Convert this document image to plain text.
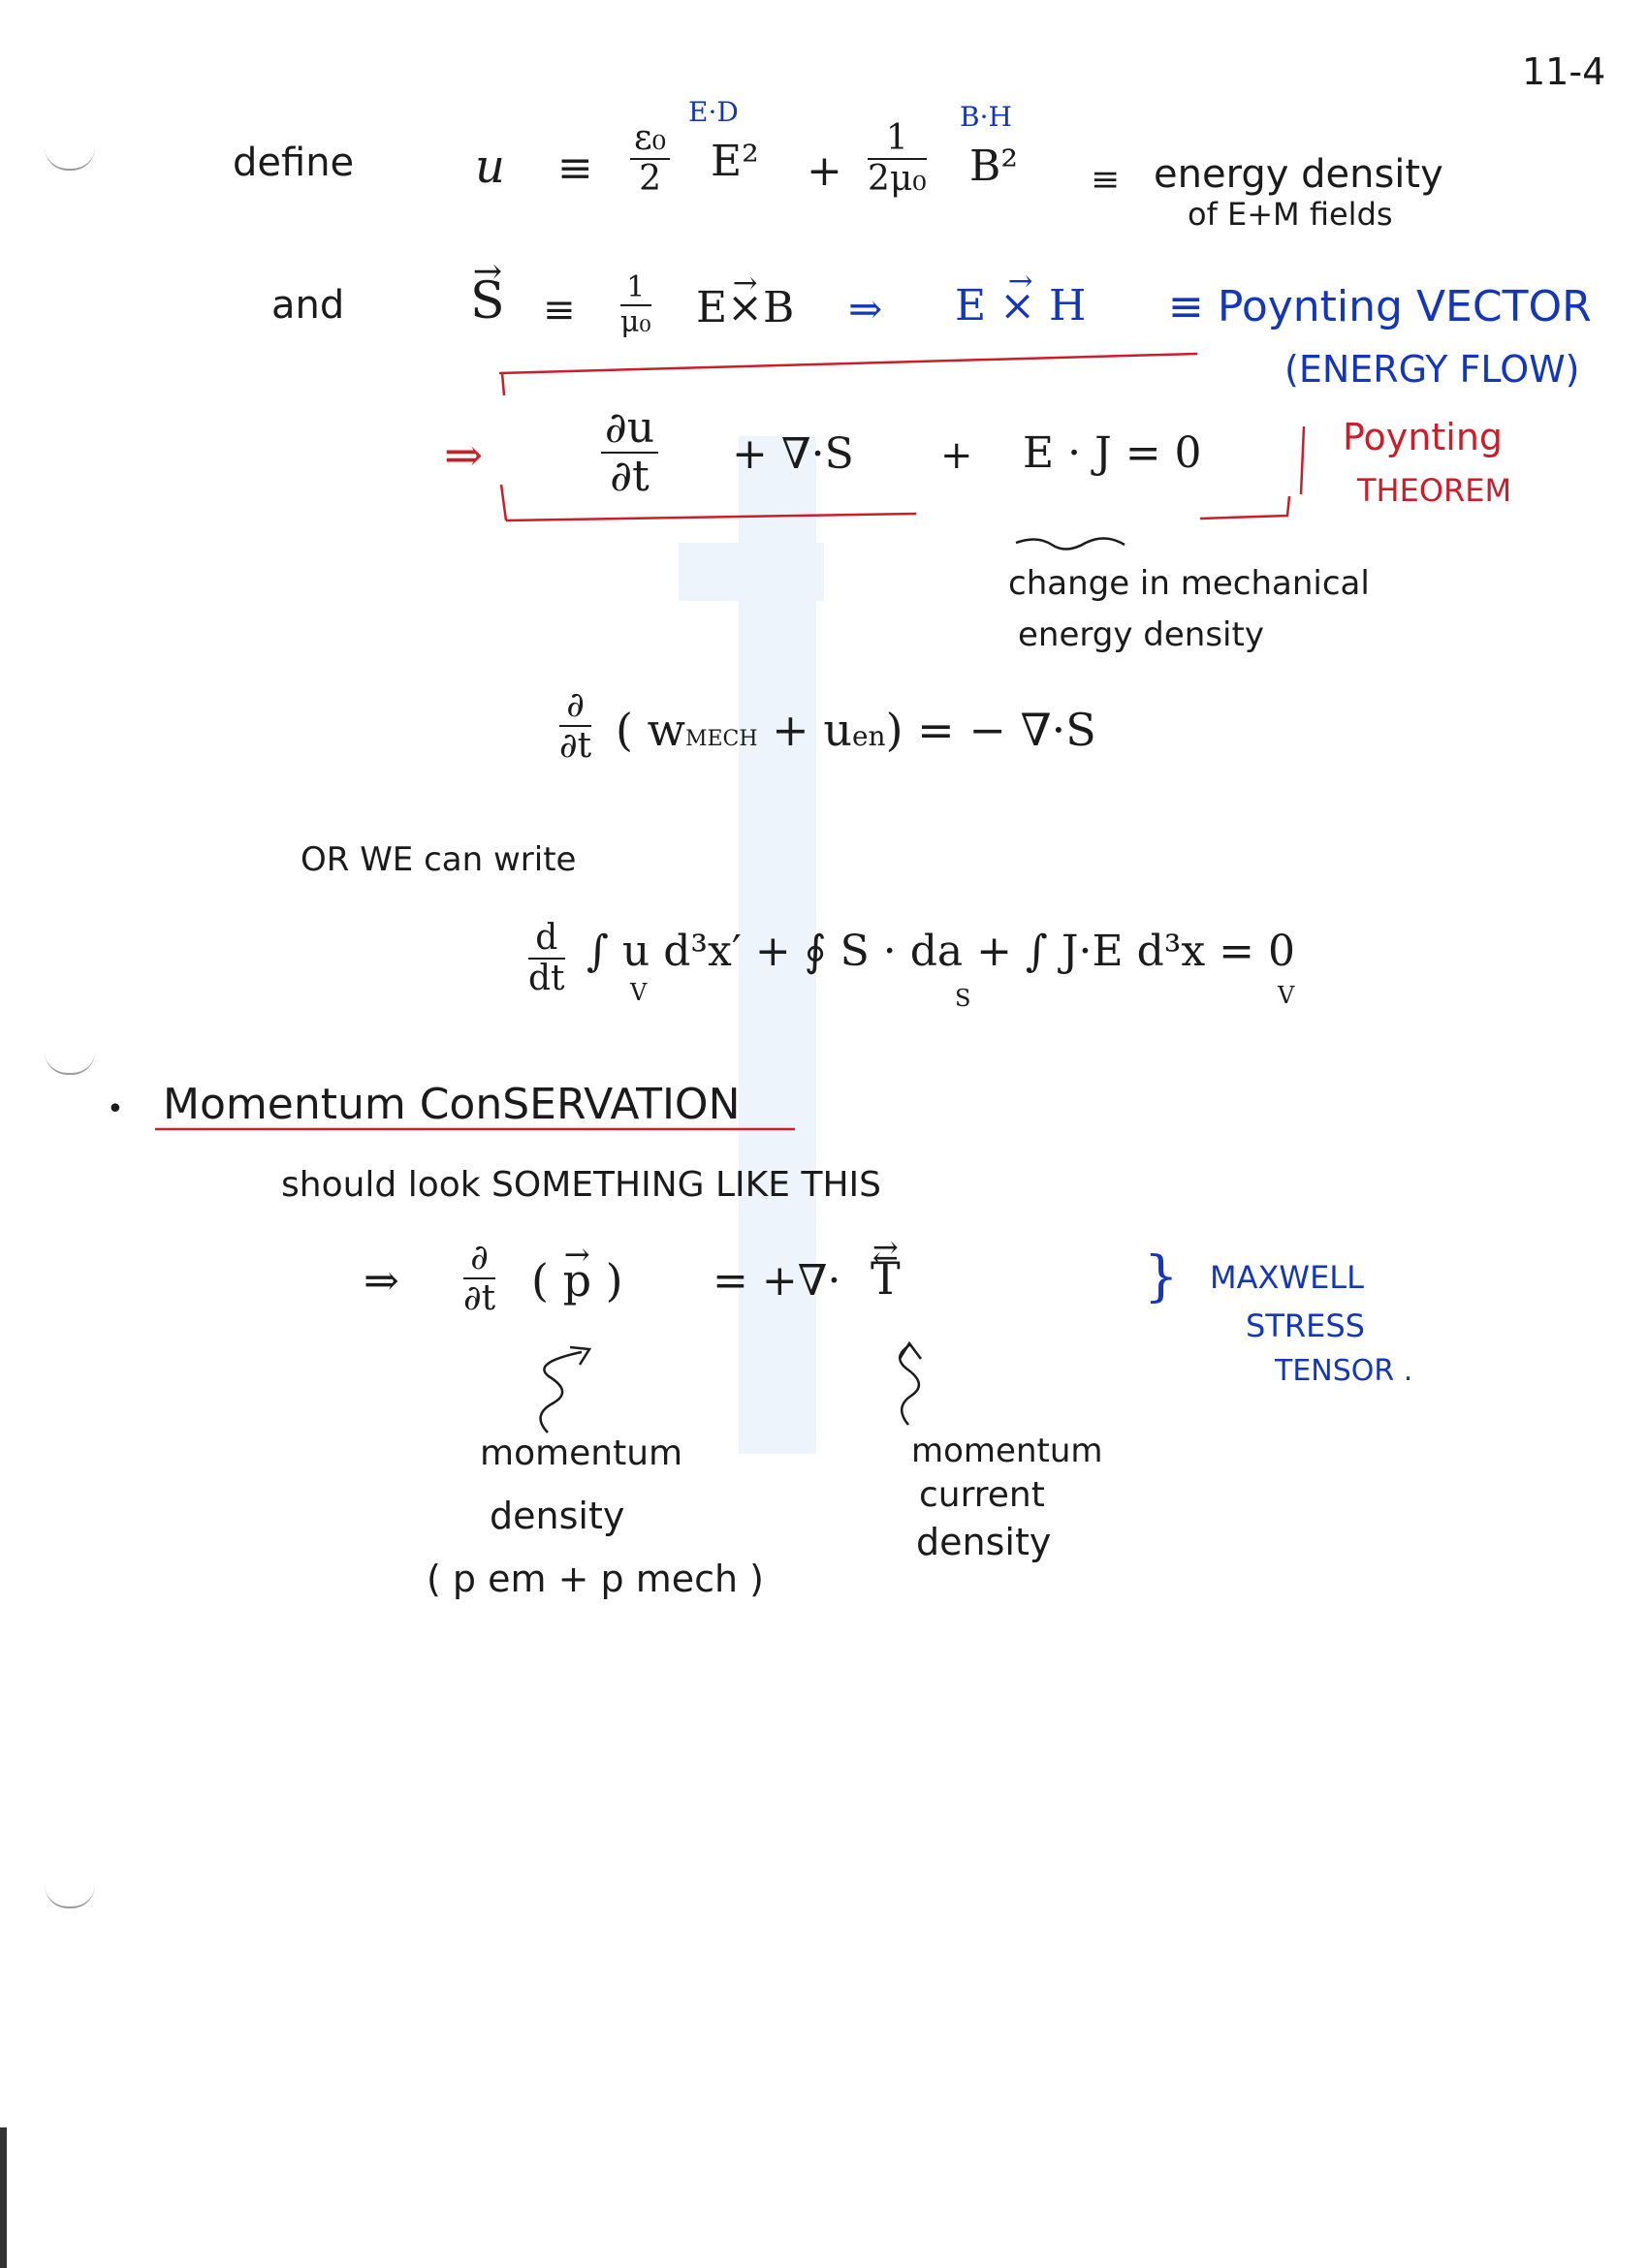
11-4
define	$u \equiv \frac{\text{ε₀}}{2} E^2$
E·D
+ $\frac{1}{\text{2μ₀}} B^2$
B·H
≡ energy density
of E+M fields
and
→ $S \equiv \frac{1}{\text{μ₀}}$
→ E×B ⇒
→ E × H ≡ Poynting VECTOR
(ENERGY FLOW)
⇒	$\frac{\partial u}{\partial t} + \nabla\cdot S + E \cdot J = 0$	Poynting
THEOREM
change in mechanical
energy density
$\frac{\partial}{\partial t}$ ( wMECH + uen) = − ∇·S
OR WE can write
$\frac{d}{dt}$ ∫ u d³x′ + ∮ S · da + ∫ J·E d³x = 0
V	S	V
• Momentum ConSERVATION
should look SOMETHING LIKE THIS
⇒ $\frac{\partial}{\partial t}$
→ ( p ) = +∇·
⇄ T	} MAXWELL
STRESS
TENSOR .
momentum
density
( p em + p mech )
momentum
current
density
